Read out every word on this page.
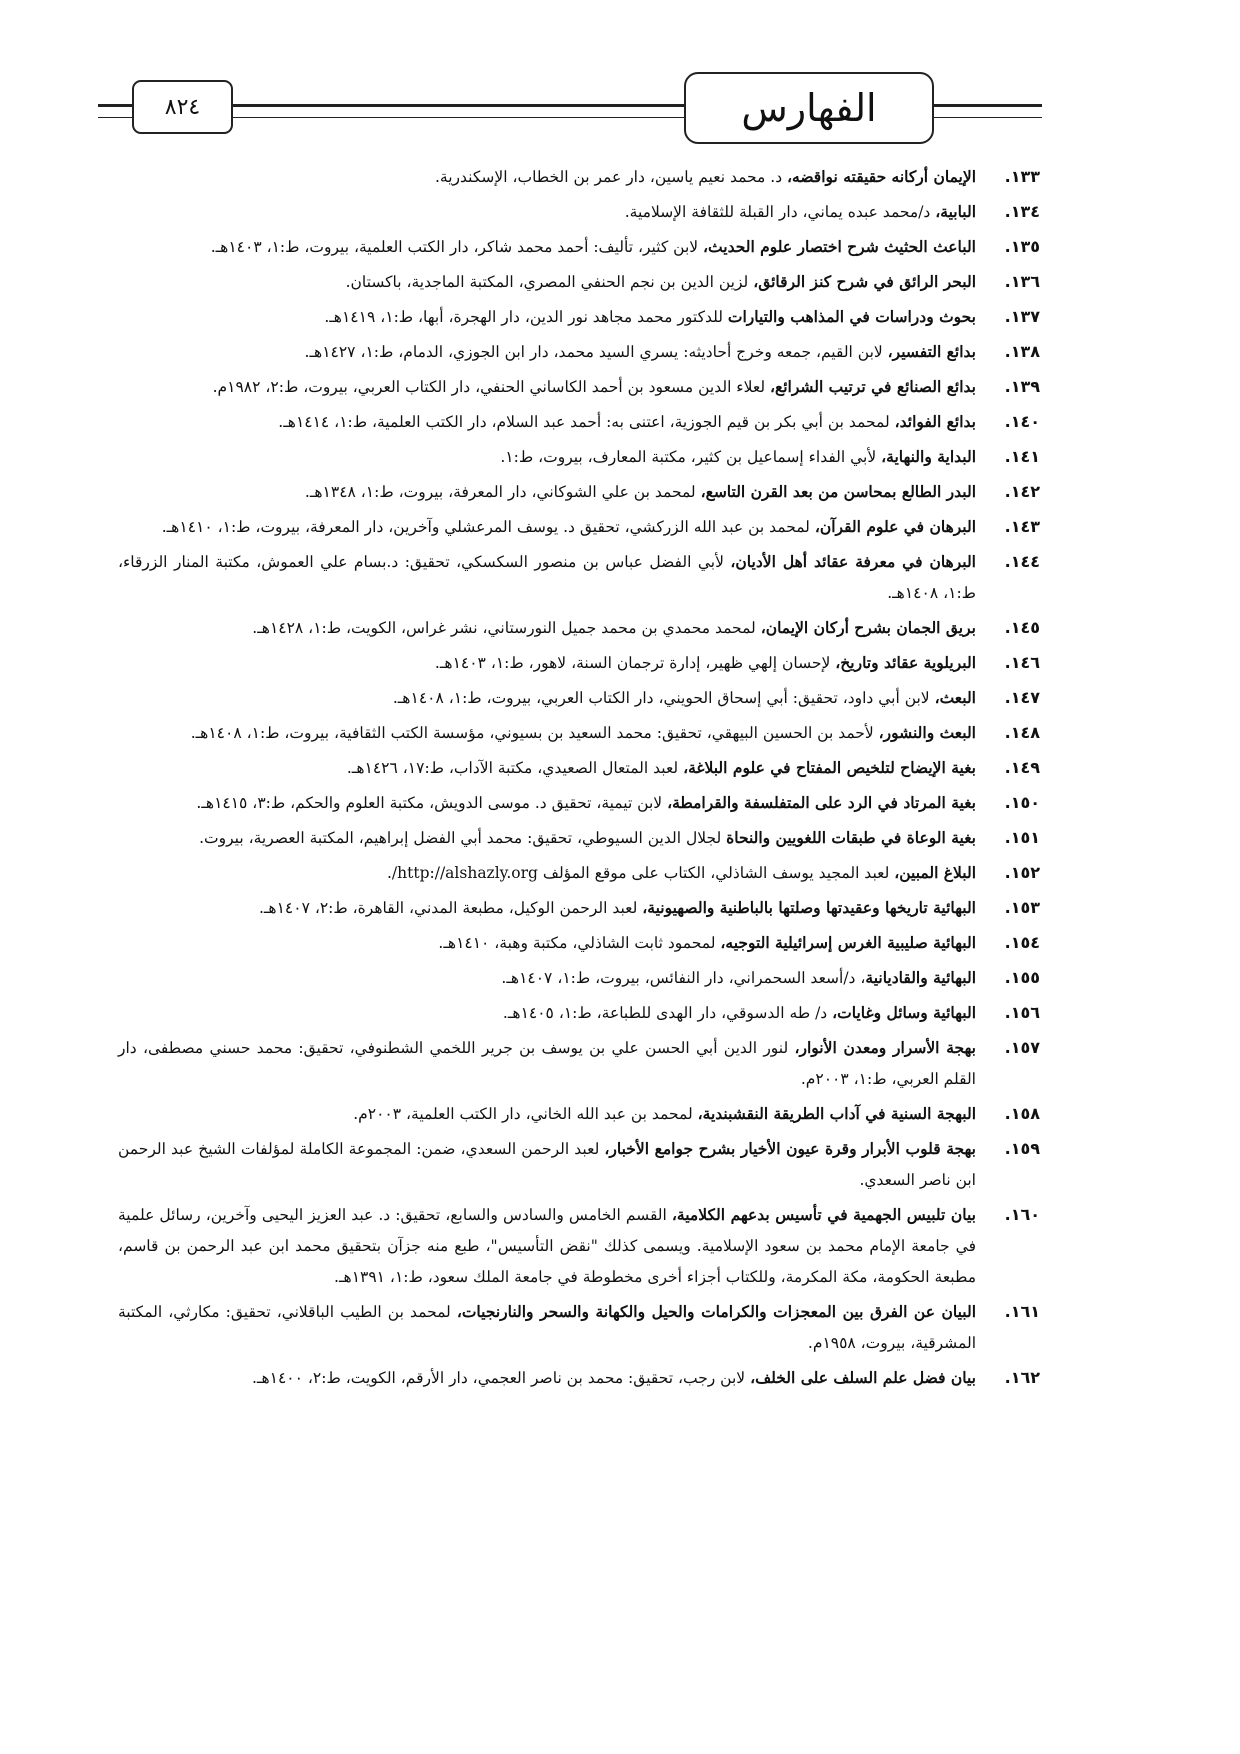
٨٢٤	الفهارس
١٣٣.
الإيمان أركانه حقيقته نواقضه، د. محمد نعيم ياسين، دار عمر بن الخطاب، الإسكندرية.
١٣٤.
البابية، د/محمد عبده يماني، دار القبلة للثقافة الإسلامية.
١٣٥.
الباعث الحثيث شرح اختصار علوم الحديث، لابن كثير، تأليف: أحمد محمد شاكر، دار الكتب العلمية، بيروت، ط:١، ١٤٠٣هـ.
١٣٦.
البحر الرائق في شرح كنز الرقائق، لزين الدين بن نجم الحنفي المصري، المكتبة الماجدية، باكستان.
١٣٧.
بحوث ودراسات في المذاهب والتيارات للدكتور محمد مجاهد نور الدين، دار الهجرة، أبها، ط:١، ١٤١٩هـ.
١٣٨.
بدائع التفسير، لابن القيم، جمعه وخرج أحاديثه: يسري السيد محمد، دار ابن الجوزي، الدمام، ط:١، ١٤٢٧هـ.
١٣٩.
بدائع الصنائع في ترتيب الشرائع، لعلاء الدين مسعود بن أحمد الكاساني الحنفي، دار الكتاب العربي، بيروت، ط:٢، ١٩٨٢م.
١٤٠.
بدائع الفوائد، لمحمد بن أبي بكر بن قيم الجوزية، اعتنى به: أحمد عبد السلام، دار الكتب العلمية، ط:١، ١٤١٤هـ.
١٤١.
البداية والنهاية، لأبي الفداء إسماعيل بن كثير، مكتبة المعارف، بيروت، ط:١.
١٤٢.
البدر الطالع بمحاسن من بعد القرن التاسع، لمحمد بن علي الشوكاني، دار المعرفة، بيروت، ط:١، ١٣٤٨هـ.
١٤٣.
البرهان في علوم القرآن، لمحمد بن عبد الله الزركشي، تحقيق د. يوسف المرعشلي وآخرين، دار المعرفة، بيروت، ط:١، ١٤١٠هـ.
١٤٤.
البرهان في معرفة عقائد أهل الأديان، لأبي الفضل عباس بن منصور السكسكي، تحقيق: د.بسام علي العموش، مكتبة المنار الزرقاء، ط:١، ١٤٠٨هـ.
١٤٥.
بريق الجمان بشرح أركان الإيمان، لمحمد محمدي بن محمد جميل النورستاني، نشر غراس، الكويت، ط:١، ١٤٢٨هـ.
١٤٦.
البريلوية عقائد وتاريخ، لإحسان إلهي ظهير، إدارة ترجمان السنة، لاهور، ط:١، ١٤٠٣هـ.
١٤٧.
البعث، لابن أبي داود، تحقيق: أبي إسحاق الحويني، دار الكتاب العربي، بيروت، ط:١، ١٤٠٨هـ.
١٤٨.
البعث والنشور، لأحمد بن الحسين البيهقي، تحقيق: محمد السعيد بن بسيوني، مؤسسة الكتب الثقافية، بيروت، ط:١، ١٤٠٨هـ.
١٤٩.
بغية الإيضاح لتلخيص المفتاح في علوم البلاغة، لعبد المتعال الصعيدي، مكتبة الآداب، ط:١٧، ١٤٢٦هـ.
١٥٠.
بغية المرتاد في الرد على المتفلسفة والقرامطة، لابن تيمية، تحقيق د. موسى الدويش، مكتبة العلوم والحكم، ط:٣، ١٤١٥هـ.
١٥١.
بغية الوعاة في طبقات اللغويين والنحاة لجلال الدين السيوطي، تحقيق: محمد أبي الفضل إبراهيم، المكتبة العصرية، بيروت.
١٥٢.
البلاغ المبين، لعبد المجيد يوسف الشاذلي، الكتاب على موقع المؤلف http://alshazly.org/.
١٥٣.
البهائية تاريخها وعقيدتها وصلتها بالباطنية والصهيونية، لعبد الرحمن الوكيل، مطبعة المدني، القاهرة، ط:٢، ١٤٠٧هـ.
١٥٤.
البهائية صليبية الغرس إسرائيلية التوجيه، لمحمود ثابت الشاذلي، مكتبة وهبة، ١٤١٠هـ.
١٥٥.
البهائية والقاديانية، د/أسعد السحمراني، دار النفائس، بيروت، ط:١، ١٤٠٧هـ.
١٥٦.
البهائية وسائل وغايات، د/ طه الدسوقي، دار الهدى للطباعة، ط:١، ١٤٠٥هـ.
١٥٧.
بهجة الأسرار ومعدن الأنوار، لنور الدين أبي الحسن علي بن يوسف بن جرير اللخمي الشطنوفي، تحقيق: محمد حسني مصطفى، دار القلم العربي، ط:١، ٢٠٠٣م.
١٥٨.
البهجة السنية في آداب الطريقة النقشبندية، لمحمد بن عبد الله الخاني، دار الكتب العلمية، ٢٠٠٣م.
١٥٩.
بهجة قلوب الأبرار وقرة عيون الأخيار بشرح جوامع الأخبار، لعبد الرحمن السعدي، ضمن: المجموعة الكاملة لمؤلفات الشيخ عبد الرحمن ابن ناصر السعدي.
١٦٠.
بيان تلبيس الجهمية في تأسيس بدعهم الكلامية، القسم الخامس والسادس والسابع، تحقيق: د. عبد العزيز اليحيى وآخرين، رسائل علمية في جامعة الإمام محمد بن سعود الإسلامية. ويسمى كذلك "نقض التأسيس"، طبع منه جزآن بتحقيق محمد ابن عبد الرحمن بن قاسم، مطبعة الحكومة، مكة المكرمة، وللكتاب أجزاء أخرى مخطوطة في جامعة الملك سعود، ط:١، ١٣٩١هـ.
١٦١.
البيان عن الفرق بين المعجزات والكرامات والحيل والكهانة والسحر والنارنجيات، لمحمد بن الطيب الباقلاني، تحقيق: مكارثي، المكتبة المشرقية، بيروت، ١٩٥٨م.
١٦٢.
بيان فضل علم السلف على الخلف، لابن رجب، تحقيق: محمد بن ناصر العجمي، دار الأرقم، الكويت، ط:٢، ١٤٠٠هـ.
